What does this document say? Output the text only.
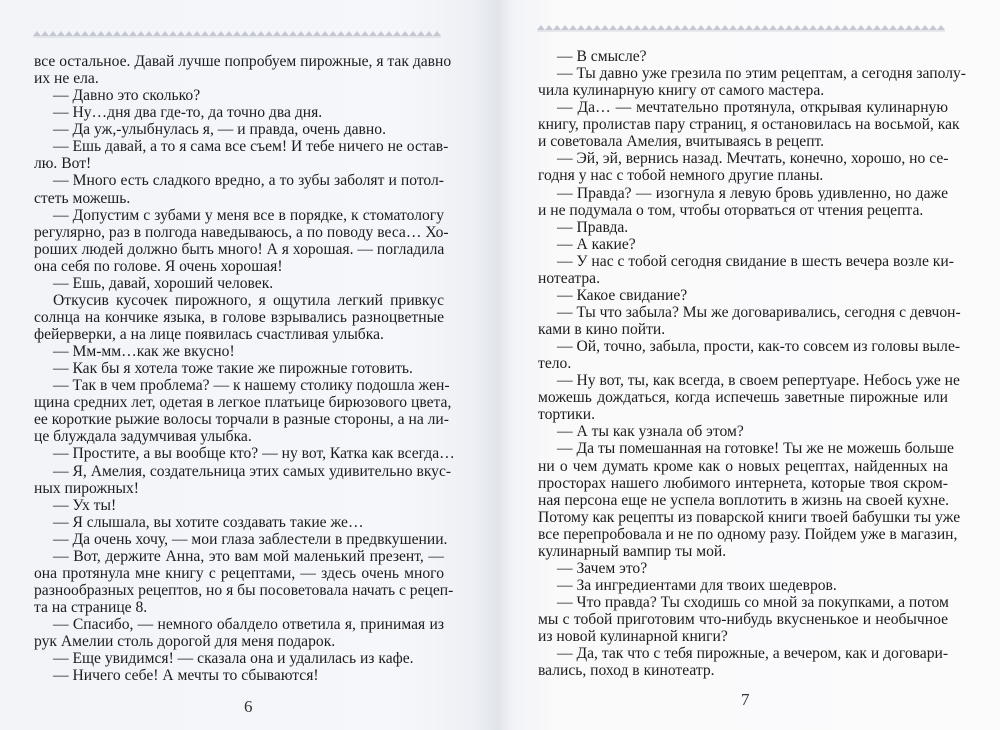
все остальное. Давай лучше попробуем пирожные, я так давно
их не ела.
— Давно это сколько?
— Ну…дня два где-то, да точно два дня.
— Да уж,-улыбнулась я, — и правда, очень давно.
— Ешь давай, а то я сама все съем! И тебе ничего не остав-
лю. Вот!
— Много есть сладкого вредно, а то зубы заболят и потол-
стеть можешь.
— Допустим с зубами у меня все в порядке, к стоматологу
регулярно, раз в полгода наведываюсь, а по поводу веса… Хо-
роших людей должно быть много! А я хорошая. — погладила
она себя по голове. Я очень хорошая!
— Ешь, давай, хороший человек.
Откусив кусочек пирожного, я ощутила легкий привкус
солнца на кончике языка, в голове взрывались разноцветные
фейерверки, а на лице появилась счастливая улыбка.
— Мм-мм…как же вкусно!
— Как бы я хотела тоже такие же пирожные готовить.
— Так в чем проблема? — к нашему столику подошла жен-
щина средних лет, одетая в легкое платьице бирюзового цвета,
ее короткие рыжие волосы торчали в разные стороны, а на ли-
це блуждала задумчивая улыбка.
— Простите, а вы вообще кто? — ну вот, Катка как всегда…
— Я, Амелия, создательница этих самых удивительно вкус-
ных пирожных!
— Ух ты!
— Я слышала, вы хотите создавать такие же…
— Да очень хочу, — мои глаза заблестели в предвкушении.
— Вот, держите Анна, это вам мой маленький презент, —
она протянула мне книгу с рецептами, — здесь очень много
разнообразных рецептов, но я бы посоветовала начать с рецеп-
та на странице 8.
— Спасибо, — немного обалдело ответила я, принимая из
рук Амелии столь дорогой для меня подарок.
— Еще увидимся! — сказала она и удалилась из кафе.
— Ничего себе! А мечты то сбываются!
6
— В смысле?
— Ты давно уже грезила по этим рецептам, а сегодня заполу-
чила кулинарную книгу от самого мастера.
— Да… — мечтательно протянула, открывая кулинарную
книгу, пролистав пару страниц, я остановилась на восьмой, как
и советовала Амелия, вчитываясь в рецепт.
— Эй, эй, вернись назад. Мечтать, конечно, хорошо, но се-
годня у нас с тобой немного другие планы.
— Правда? — изогнула я левую бровь удивленно, но даже
и не подумала о том, чтобы оторваться от чтения рецепта.
— Правда.
— А какие?
— У нас с тобой сегодня свидание в шесть вечера возле ки-
нотеатра.
— Какое свидание?
— Ты что забыла? Мы же договаривались, сегодня с девчон-
ками в кино пойти.
— Ой, точно, забыла, прости, как-то совсем из головы выле-
тело.
— Ну вот, ты, как всегда, в своем репертуаре. Небось уже не
можешь дождаться, когда испечешь заветные пирожные или
тортики.
— А ты как узнала об этом?
— Да ты помешанная на готовке! Ты же не можешь больше
ни о чем думать кроме как о новых рецептах, найденных на
просторах нашего любимого интернета, которые твоя скром-
ная персона еще не успела воплотить в жизнь на своей кухне.
Потому как рецепты из поварской книги твоей бабушки ты уже
все перепробовала и не по одному разу. Пойдем уже в магазин,
кулинарный вампир ты мой.
— Зачем это?
— За ингредиентами для твоих шедевров.
— Что правда? Ты сходишь со мной за покупками, а потом
мы с тобой приготовим что-нибудь вкусненькое и необычное
из новой кулинарной книги?
— Да, так что с тебя пирожные, а вечером, как и договари-
вались, поход в кинотеатр.
7
